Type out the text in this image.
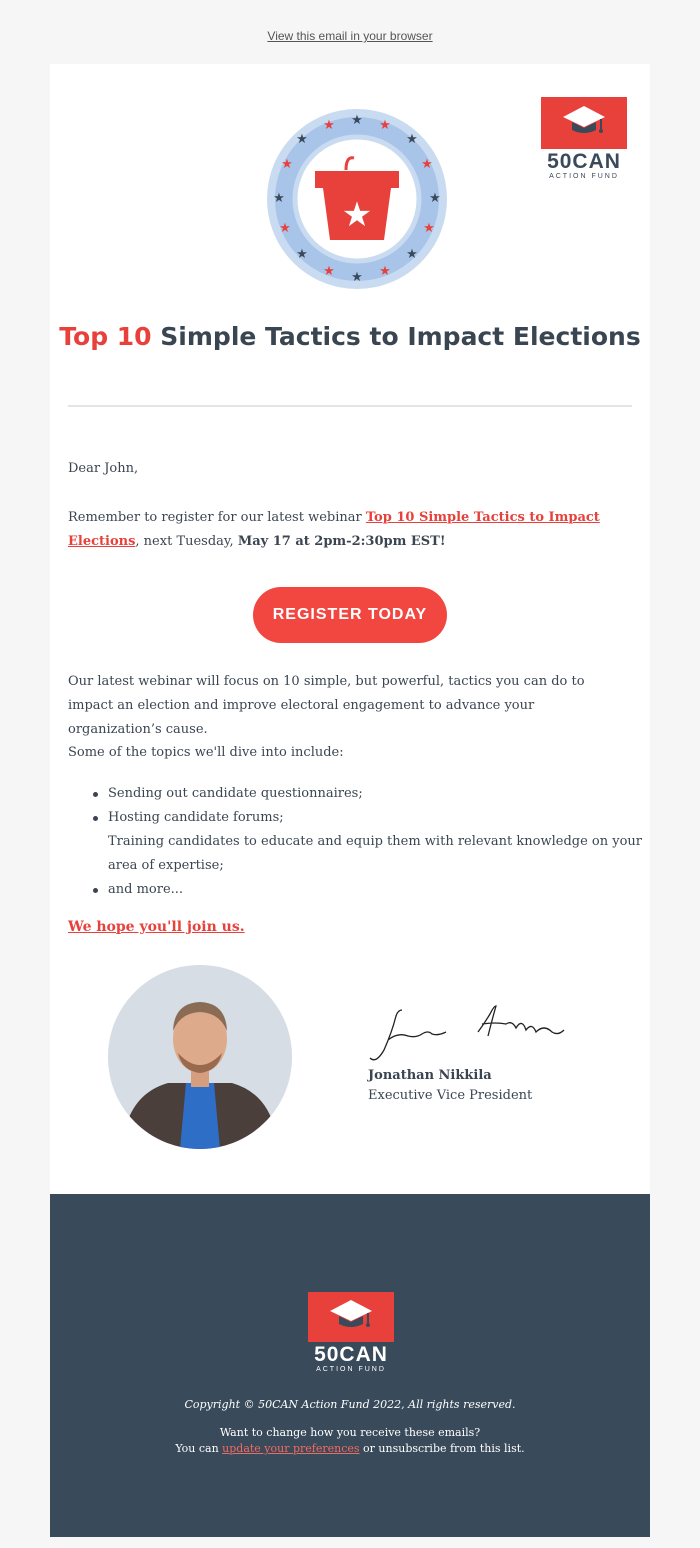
View this email in your browser
50CAN
ACTION FUND
★ ★
★
★
★
★
★
★
★
★
★
★
★
★
★
★
★
Top 10 Simple Tactics to Impact Elections
Dear John,
Remember to register for our latest webinar Top 10 Simple Tactics to Impact Elections, next Tuesday, May 17 at 2pm-2:30pm EST!
REGISTER TODAY
Our latest webinar will focus on 10 simple, but powerful, tactics you can do to impact an election and improve electoral engagement to advance your organization’s cause.
Some of the topics we'll dive into include:
Sending out candidate questionnaires;
Hosting candidate forums;
Training candidates to educate and equip them with relevant knowledge on your area of expertise;
and more...
We hope you'll join us.
Jonathan Nikkila
Executive Vice President
50CAN
ACTION FUND
Copyright © 50CAN Action Fund 2022, All rights reserved.
Want to change how you receive these emails?
You can update your preferences or unsubscribe from this list.
